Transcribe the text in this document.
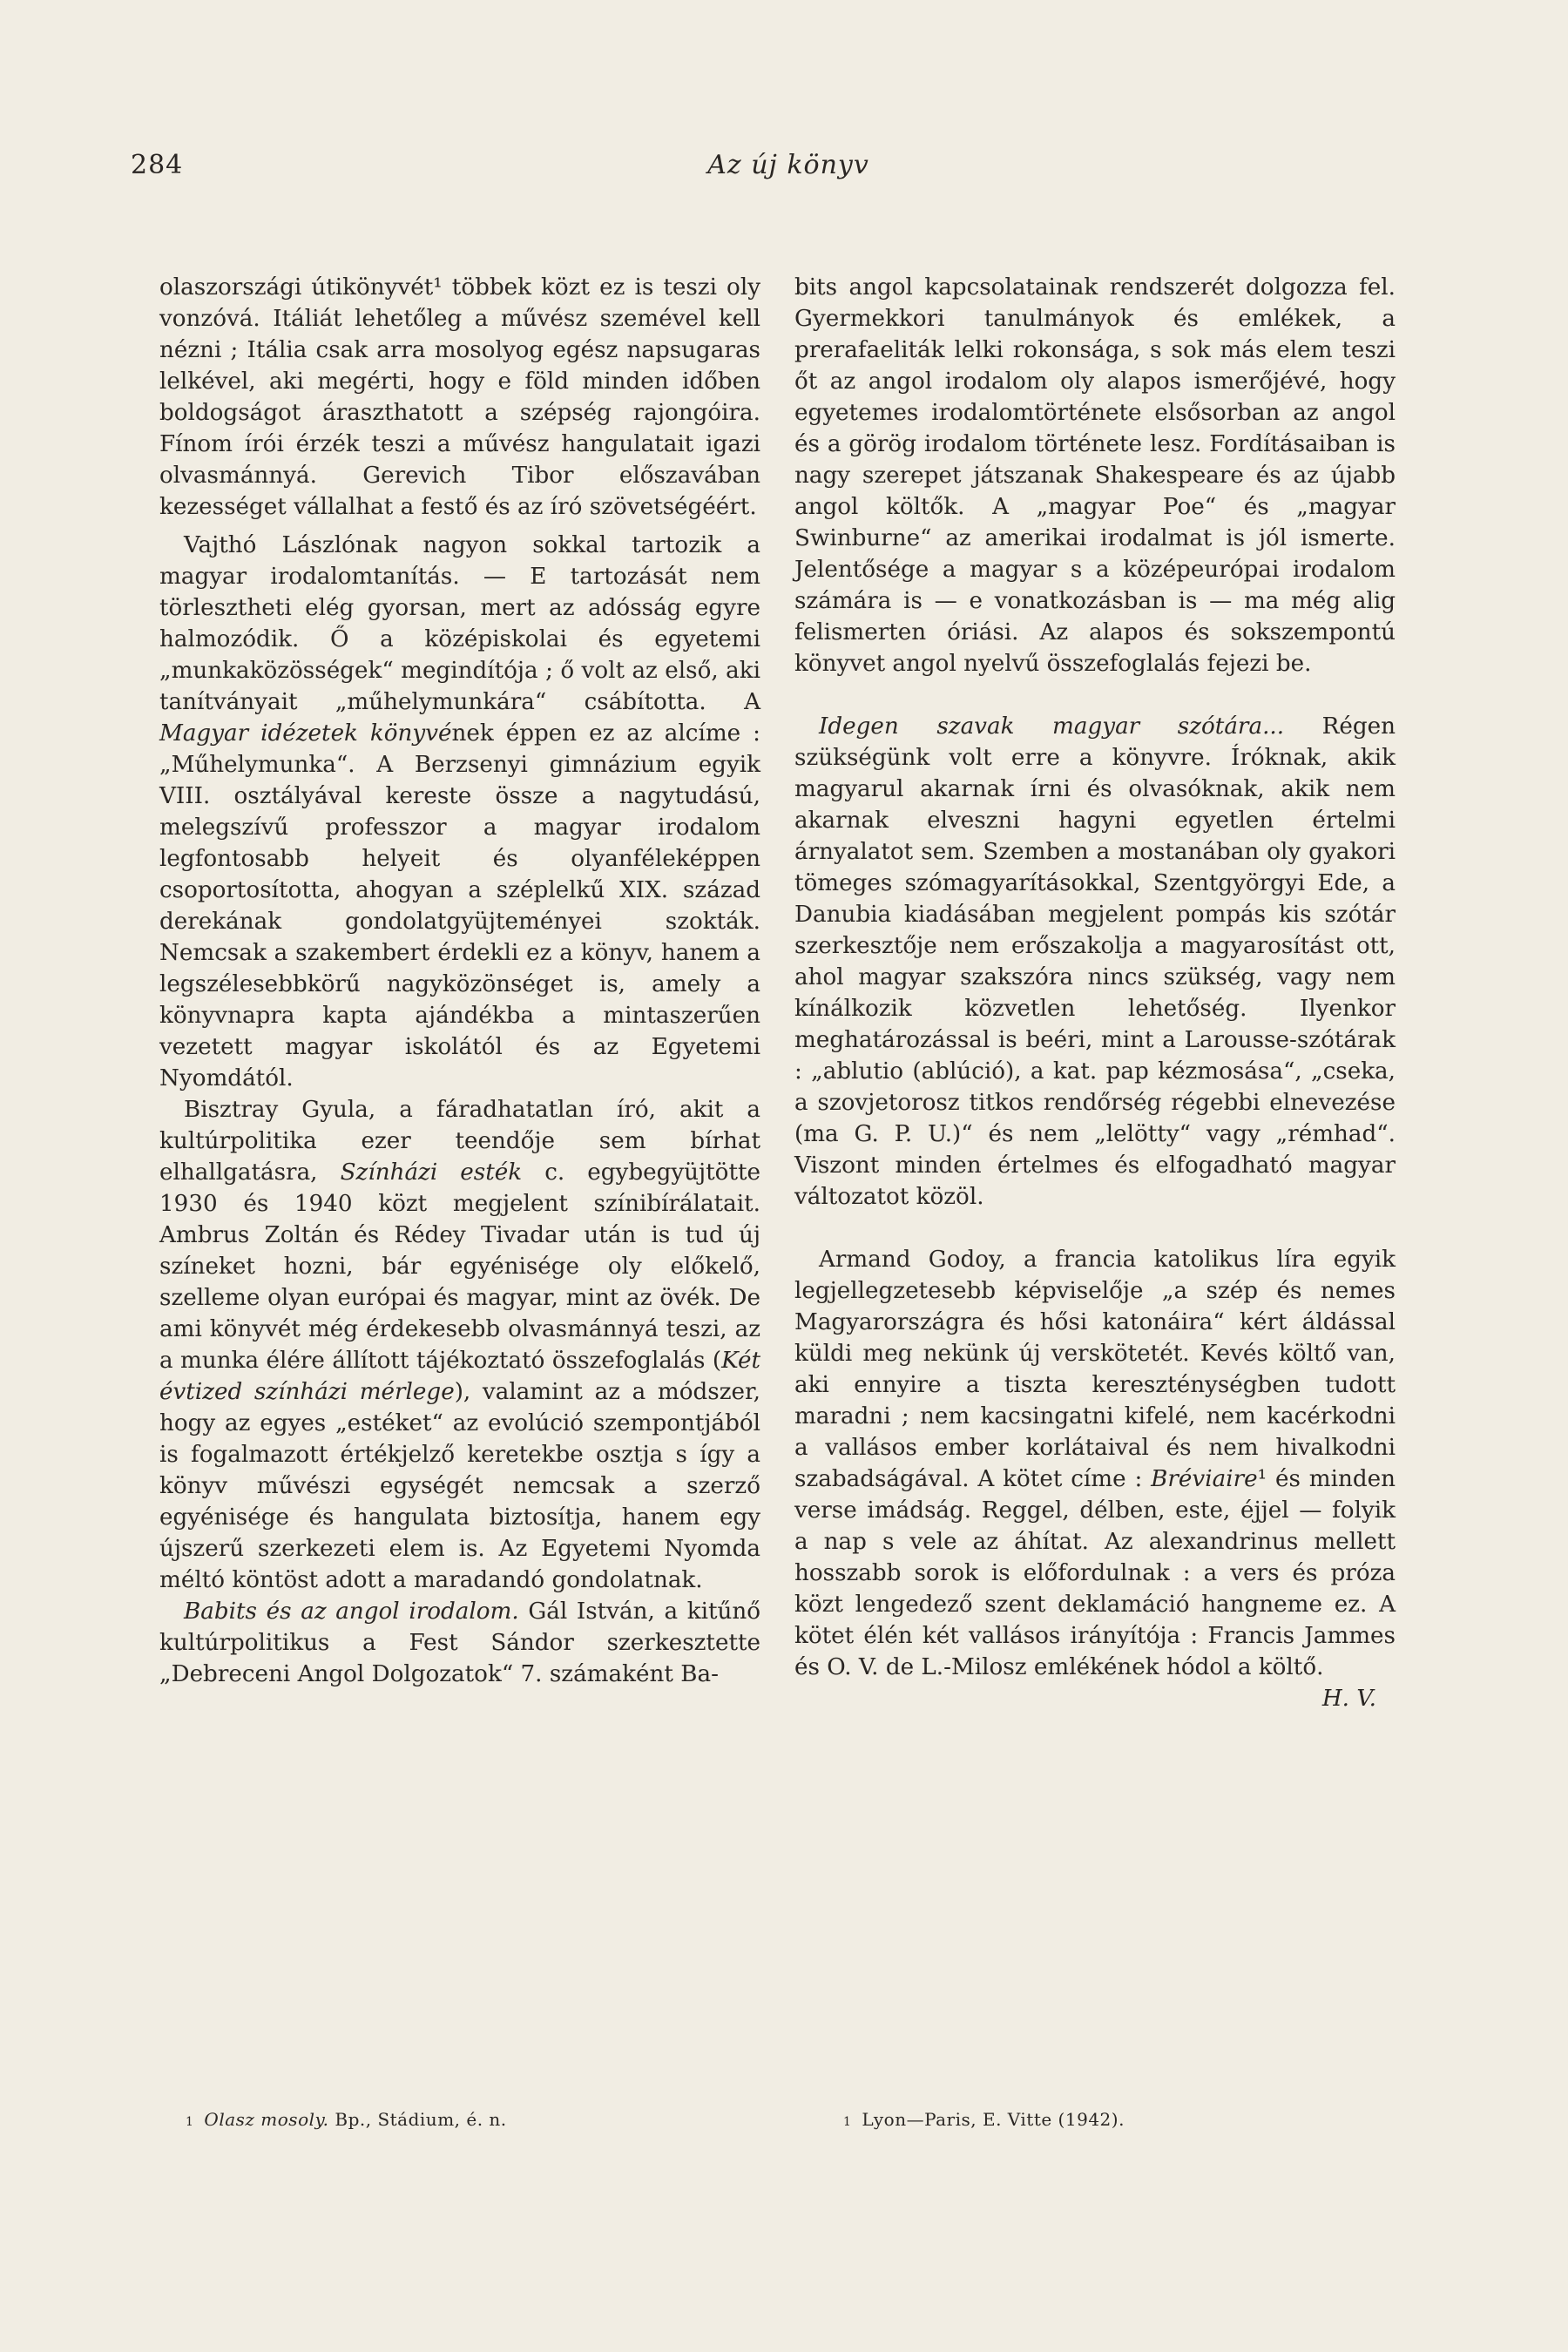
284	Az új könyv

olaszországi útikönyvét¹ többek közt ez is teszi oly vonzóvá. Itáliát lehetőleg a művész szemével kell nézni ; Itália csak arra mosolyog egész napsugaras lelkével, aki megérti, hogy e föld minden időben boldogságot áraszthatott a szépség rajongóira. Fínom írói érzék teszi a művész hangulatait igazi olvasmánnyá. Gerevich Tibor előszavában kezességet vállalhat a festő és az író szövetségéért.

Vajthó Lászlónak nagyon sokkal tartozik a magyar irodalomtanítás. — E tartozását nem törlesztheti elég gyorsan, mert az adósság egyre halmozódik. Ő a középiskolai és egyetemi „munkaközösségek“ megindítója ; ő volt az első, aki tanítványait „műhelymunkára“ csábította. A Magyar idézetek könyvének éppen ez az alcíme : „Műhelymunka“. A Berzsenyi gimnázium egyik VIII. osztályával kereste össze a nagytudású, melegszívű professzor a magyar irodalom legfontosabb helyeit és olyanféleképpen csoportosította, ahogyan a széplelkű XIX. század derekának gondolatgyüjteményei szokták. Nemcsak a szakembert érdekli ez a könyv, hanem a legszélesebbkörű nagyközönséget is, amely a könyvnapra kapta ajándékba a mintaszerűen vezetett magyar iskolától és az Egyetemi Nyomdától.

Bisztray Gyula, a fáradhatatlan író, akit a kultúrpolitika ezer teendője sem bírhat elhallgatásra, Színházi esték c. egybegyüjtötte 1930 és 1940 közt megjelent színibírálatait. Ambrus Zoltán és Rédey Tivadar után is tud új színeket hozni, bár egyénisége oly előkelő, szelleme olyan európai és magyar, mint az övék. De ami könyvét még érdekesebb olvasmánnyá teszi, az a munka élére állított tájékoztató összefoglalás (Két évtized színházi mérlege), valamint az a módszer, hogy az egyes „estéket“ az evolúció szempontjából is fogalmazott értékjelző keretekbe osztja s így a könyv művészi egységét nemcsak a szerző egyénisége és hangulata biztosítja, hanem egy újszerű szerkezeti elem is. Az Egyetemi Nyomda méltó köntöst adott a maradandó gondolatnak.

Babits és az angol irodalom. Gál István, a kitűnő kultúrpolitikus a Fest Sándor szerkesztette „Debreceni Angol Dolgozatok“ 7. számaként Ba-

bits angol kapcsolatainak rendszerét dolgozza fel. Gyermekkori tanulmányok és emlékek, a prerafaeliták lelki rokonsága, s sok más elem teszi őt az angol irodalom oly alapos ismerőjévé, hogy egyetemes irodalomtörténete elsősorban az angol és a görög irodalom története lesz. Fordításaiban is nagy szerepet játszanak Shakespeare és az újabb angol költők. A „magyar Poe“ és „magyar Swinburne“ az amerikai irodalmat is jól ismerte. Jelentősége a magyar s a középeurópai irodalom számára is — e vonatkozásban is — ma még alig felismerten óriási. Az alapos és sokszempontú könyvet angol nyelvű összefoglalás fejezi be.

Idegen szavak magyar szótára... Régen szükségünk volt erre a könyvre. Íróknak, akik magyarul akarnak írni és olvasóknak, akik nem akarnak elveszni hagyni egyetlen értelmi árnyalatot sem. Szemben a mostanában oly gyakori tömeges szómagyarításokkal, Szentgyörgyi Ede, a Danubia kiadásában megjelent pompás kis szótár szerkesztője nem erőszakolja a magyarosítást ott, ahol magyar szakszóra nincs szükség, vagy nem kínálkozik közvetlen lehetőség. Ilyenkor meghatározással is beéri, mint a Larousse-szótárak : „ablutio (ablúció), a kat. pap kézmosása“, „cseka, a szovjetorosz titkos rendőrség régebbi elnevezése (ma G. P. U.)“ és nem „lelötty“ vagy „rémhad“. Viszont minden értelmes és elfogadható magyar változatot közöl.

Armand Godoy, a francia katolikus líra egyik legjellegzetesebb képviselője „a szép és nemes Magyarországra és hősi katonáira“ kért áldással küldi meg nekünk új verskötetét. Kevés költő van, aki ennyire a tiszta kereszténységben tudott maradni ; nem kacsingatni kifelé, nem kacérkodni a vallásos ember korlátaival és nem hivalkodni szabadságával. A kötet címe : Bréviaire¹ és minden verse imádság. Reggel, délben, este, éjjel — folyik a nap s vele az áhítat. Az alexandrinus mellett hosszabb sorok is előfordulnak : a vers és próza közt lengedező szent deklamáció hangneme ez. A kötet élén két vallásos irányítója : Francis Jammes és O. V. de L.-Milosz emlékének hódol a költő.

H. V.
1 Olasz mosoly. Bp., Stádium, é. n.	1 Lyon—Paris, E. Vitte (1942).
